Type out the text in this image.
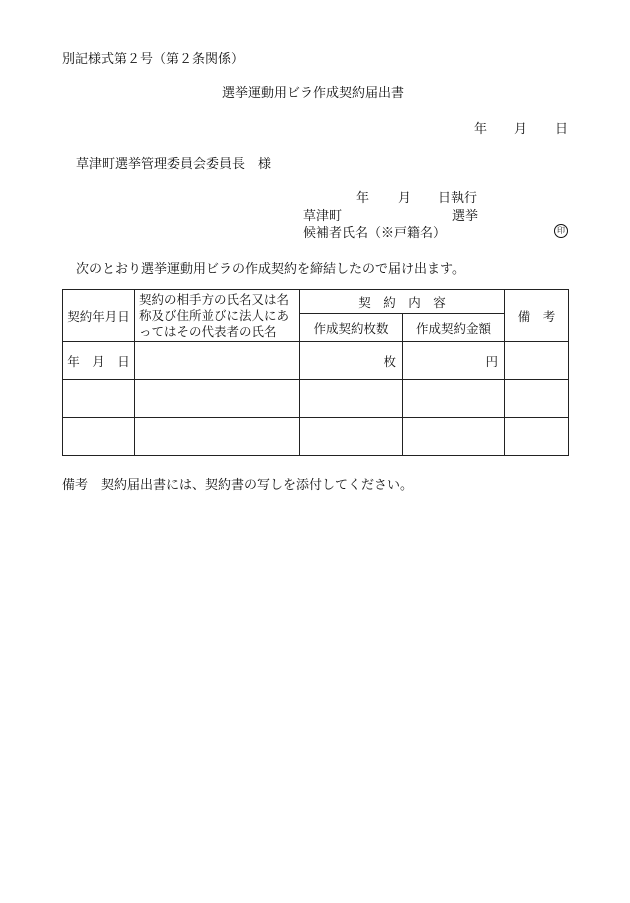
別記様式第２号（第２条関係）
選挙運動用ビラ作成契約届出書
年 月 日
草津町選挙管理委員会委員長　様
年 月 日執行
草津町	選挙
候補者氏名（※戸籍名）	印
次のとおり選挙運動用ビラの作成契約を締結したので届け出ます。
契約年月日	契約の相手方の氏名又は名称及び住所並びに法人にあってはその代表者の氏名	契　約　内　容		備　考
		作成契約枚数	作成契約金額	
年　月　日		枚	円	

備考　契約届出書には、契約書の写しを添付してください。
